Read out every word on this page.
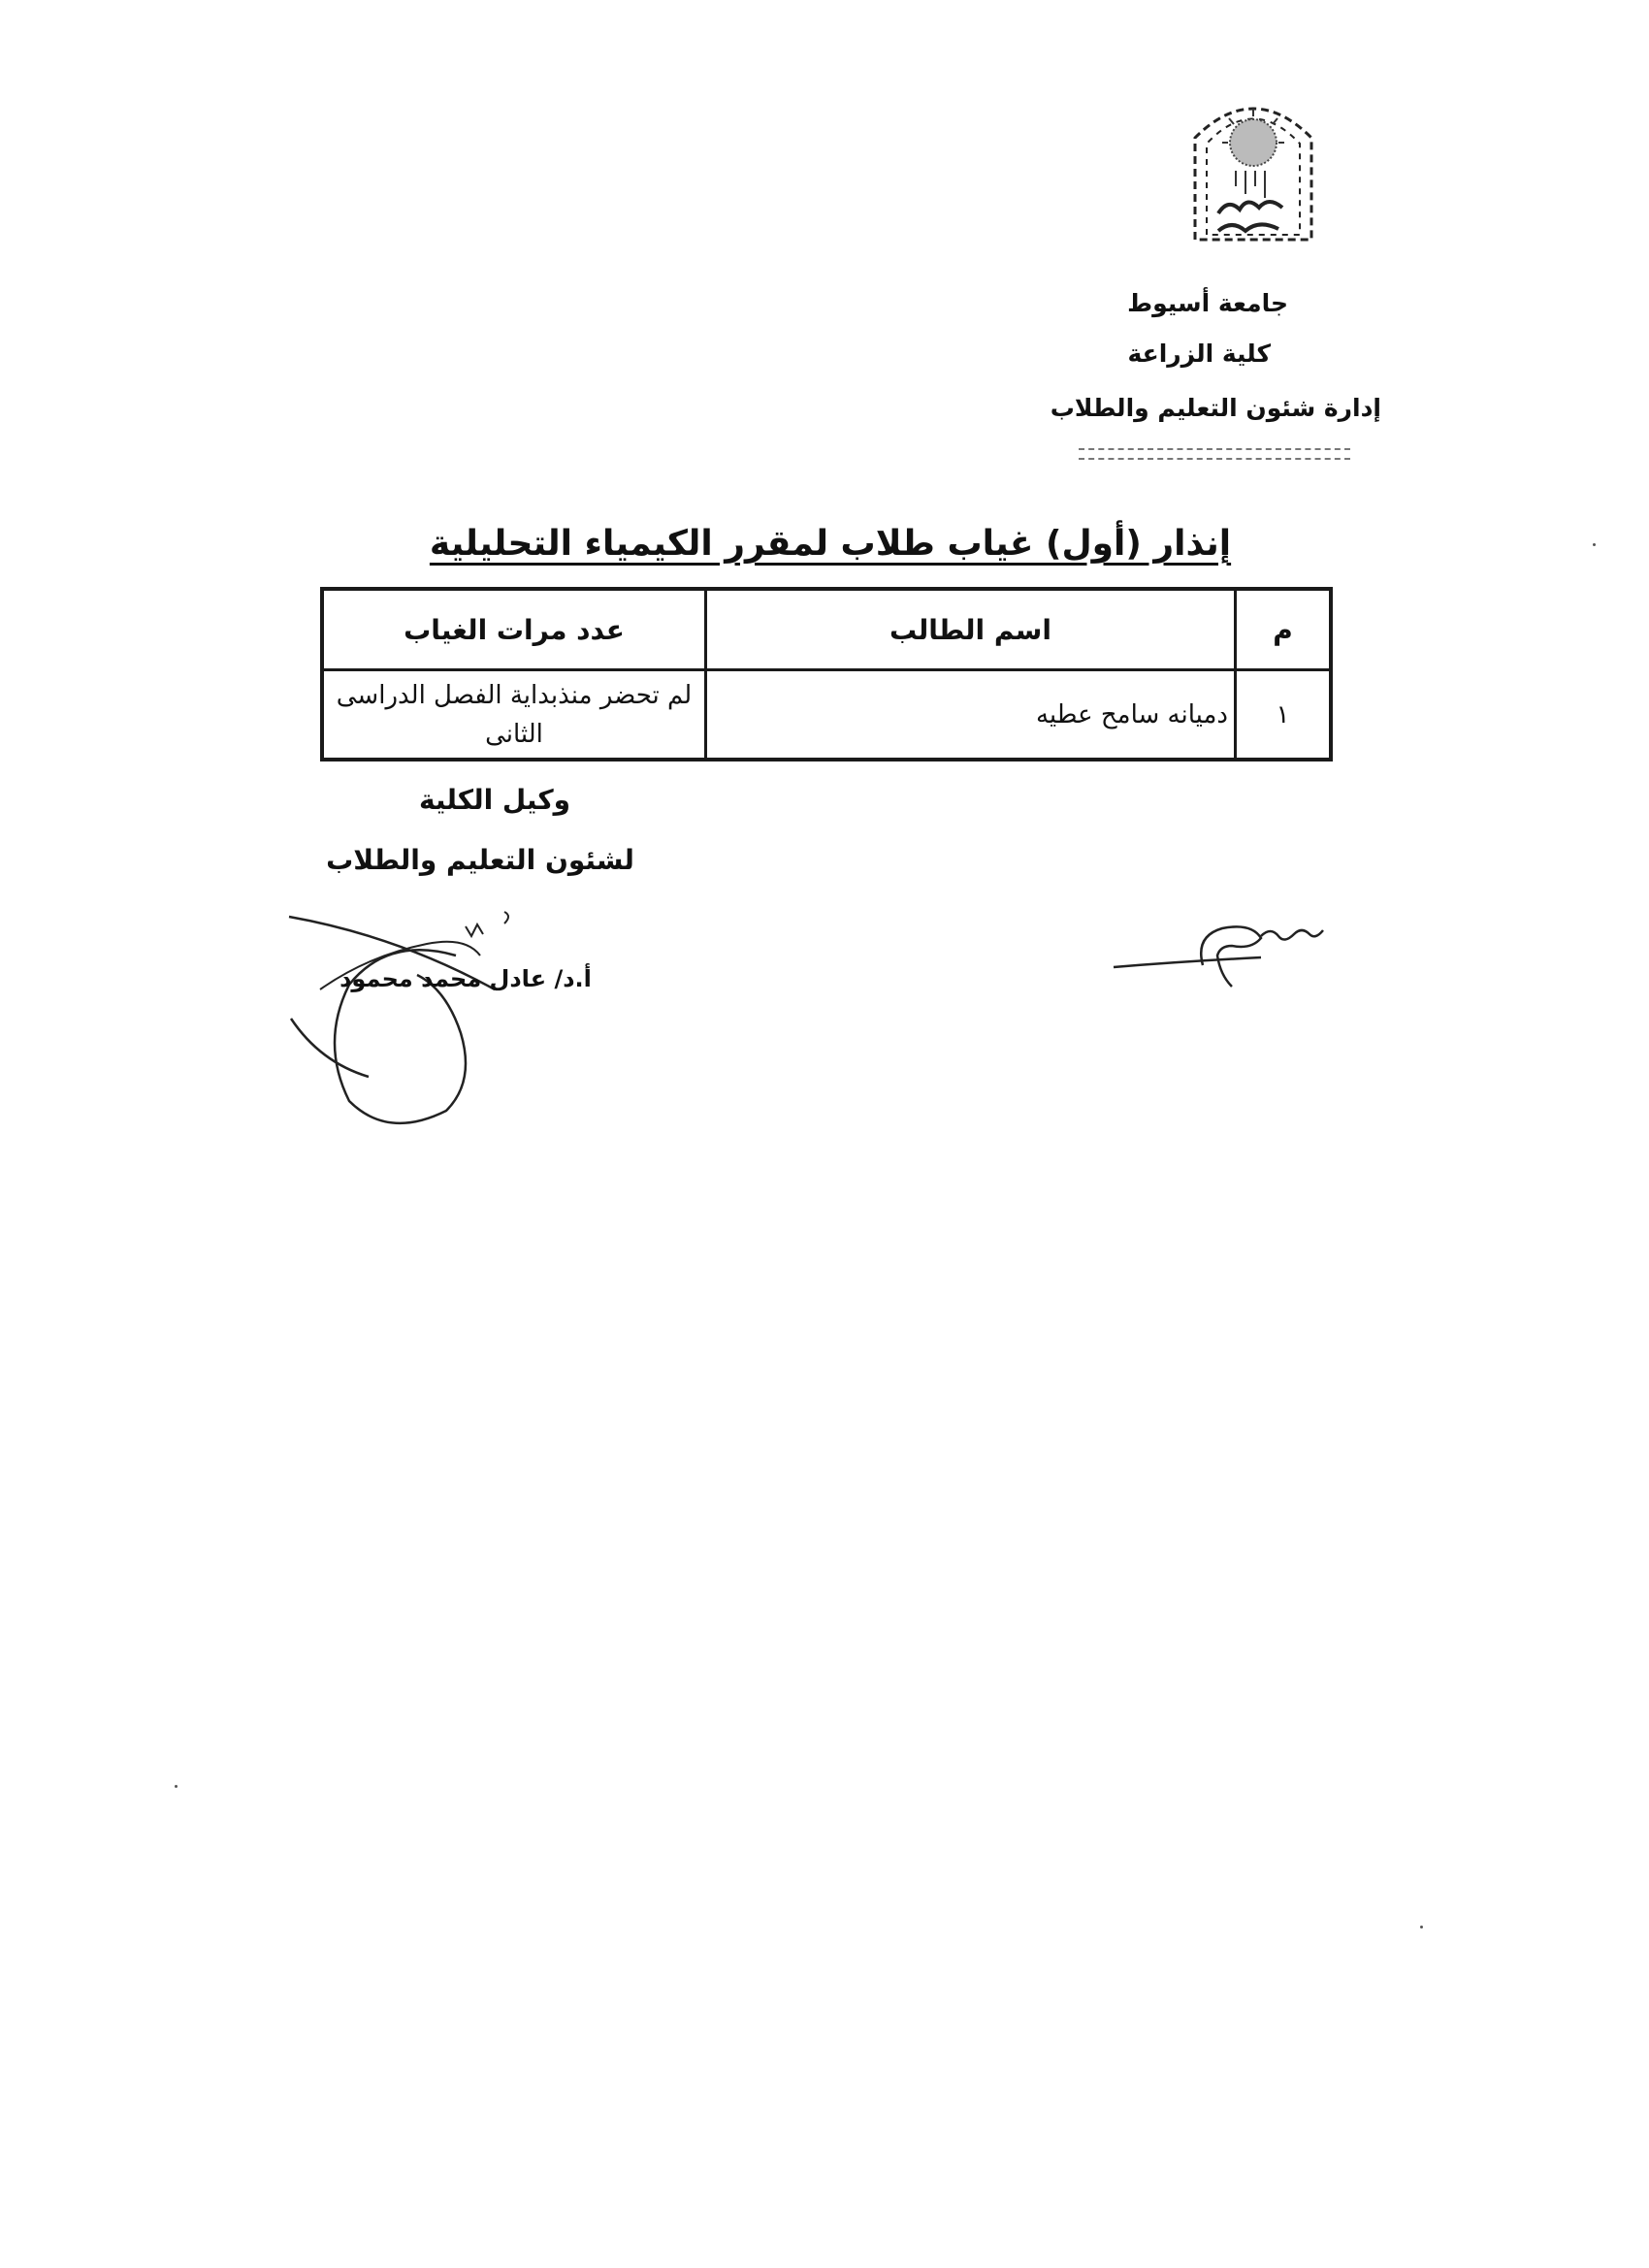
جامعة أسيوط
كلية الزراعة
إدارة شئون التعليم والطلاب
إنذار (أول) غياب طلاب لمقرر الكيمياء التحليلية
م
اسم الطالب
عدد مرات الغياب
١
دميانه سامح عطيه
لم تحضر منذبداية الفصل الدراسى الثانى
وكيل الكلية
لشئون التعليم والطلاب
أ.د/ عادل محمد محمود
